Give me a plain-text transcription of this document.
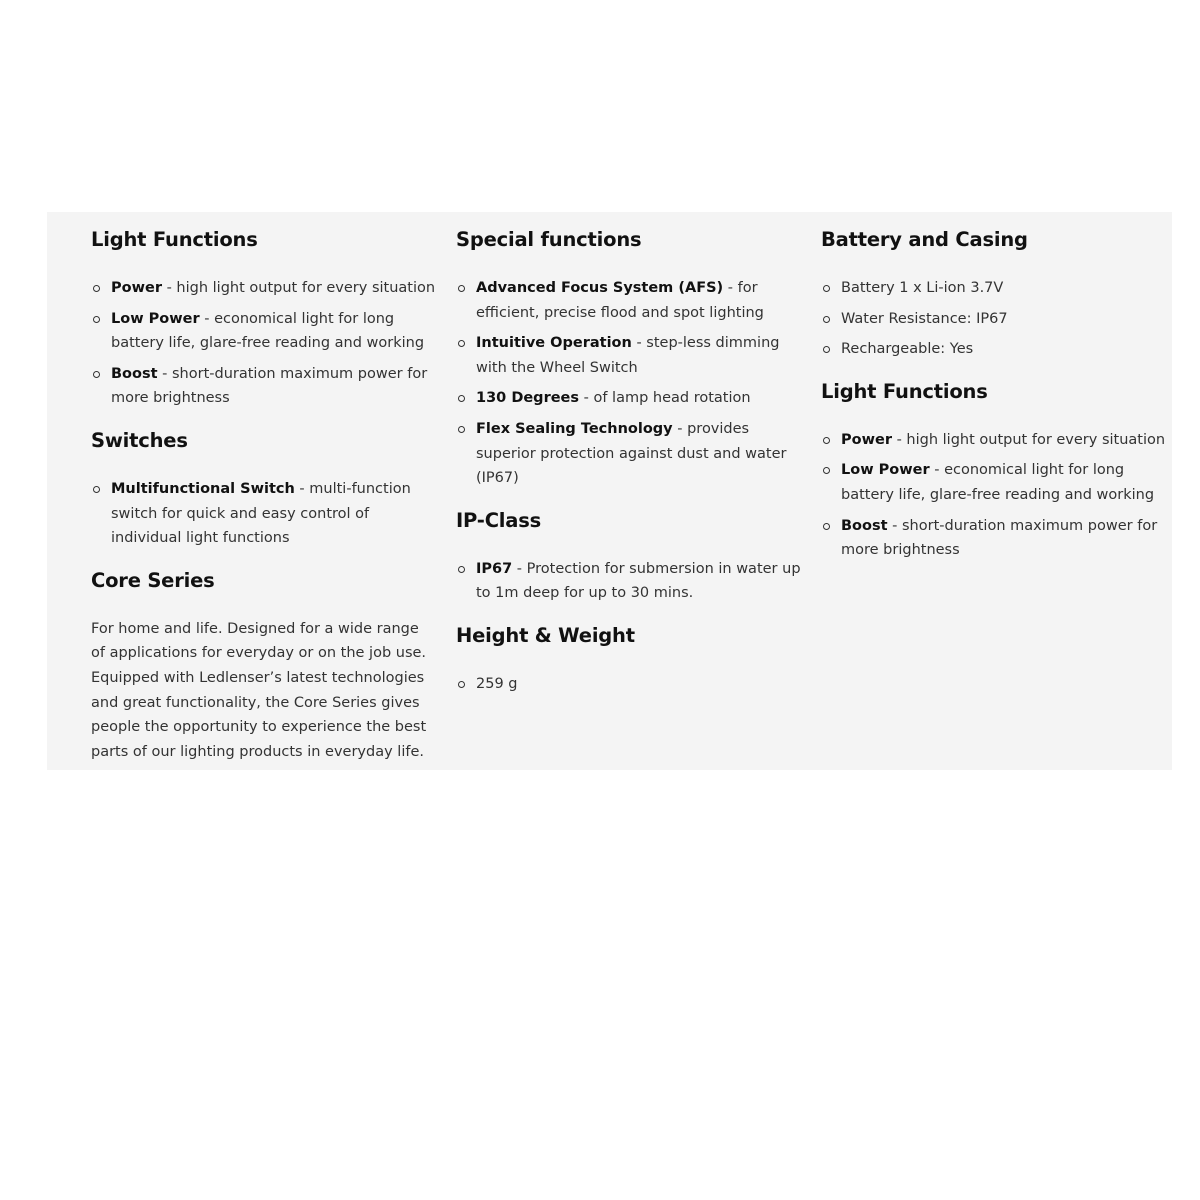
Light Functions
Power - high light output for every situation
Low Power - economical light for long battery life, glare-free reading and working
Boost - short-duration maximum power for more brightness
Switches
Multifunctional Switch - multi-function switch for quick and easy control of individual light functions
Core Series

For home and life. Designed for a wide range of applications for everyday or on the job use. Equipped with Ledlenser’s latest technologies and great functionality, the Core Series gives people the opportunity to experience the best parts of our lighting products in everyday life.

Special functions
Advanced Focus System (AFS) - for efficient, precise flood and spot lighting
Intuitive Operation - step-less dimming with the Wheel Switch
130 Degrees - of lamp head rotation
Flex Sealing Technology - provides superior protection against dust and water (IP67)
IP-Class
IP67 - Protection for submersion in water up to 1m deep for up to 30 mins.
Height & Weight
259 g
Battery and Casing
Battery 1 x Li-ion 3.7V
Water Resistance: IP67
Rechargeable: Yes
Light Functions
Power - high light output for every situation
Low Power - economical light for long battery life, glare-free reading and working
Boost - short-duration maximum power for more brightness
